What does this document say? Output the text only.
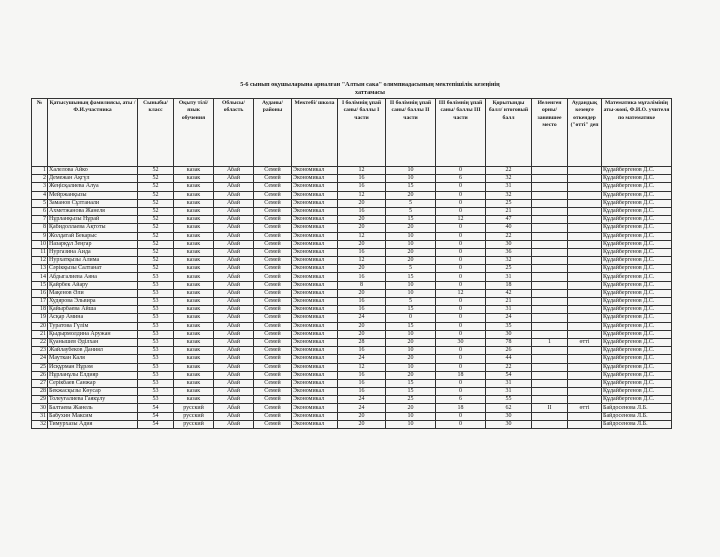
5-6 сынып оқушыларына арналған "Алтын сака" олимпиадасының мектепішілік кезеңінің
хаттамасы
№	Қатысушының фамилиясы, аты /Ф.И.участника	Сыныбы/класс	Оқыту тілі/ язык обучения	Облысы/ область	Ауданы/ районы	Мектебі/ школа	I бөлімнің ұпай саны/ баллы I части	II бөлімнің ұпай саны/ баллы II части	III бөлімнің ұпай саны/ баллы III части	Қорытынды балл/ итоговый балл	Иеленген орны/ занявшее место	Аудандық кезеңге өткендер ("өтті" деп	Математика мұғалімінің аты-жөні, Ф.И.О. учителя по математике
1	Халелова Айко	52	казак	Абай	Семей	Экономикал	12	10	0	22			Құдайбергенов Д.С.
2	Демежан Ақгүл	52	казак	Абай	Семей	Экономикал	16	10	6	32			Құдайбергенов Д.С.
3	Жеңісқалиева Алуа	52	казак	Абай	Семей	Экономикал	16	15	0	31			Құдайбергенов Д.С.
4	Мейржанқызы	52	казак	Абай	Семей	Экономикал	12	20	0	32			Құдайбергенов Д.С.
5	Заманов Сұлтанали	52	казак	Абай	Семей	Экономикал	20	5	0	25			Құдайбергенов Д.С.
6	Ахметжанова Жанеля	52	казак	Абай	Семей	Экономикал	16	5	0	21			Құдайбергенов Д.С.
7	Нұрланқызы Нұрай	52	казак	Абай	Семей	Экономикал	20	15	12	47			Құдайбергенов Д.С.
8	Қабидоллаева Ақтоты	52	казак	Абай	Семей	Экономикал	20	20	0	40			Құдайбергенов Д.С.
9	Жолдатай Бекарыс	52	казак	Абай	Семей	Экономикал	12	10	0	22			Құдайбергенов Д.С.
10	Назарқұл Зеңгар	52	казак	Абай	Семей	Экономикал	20	10	0	30			Құдайбергенов Д.С.
11	Нургазина Аида	52	казак	Абай	Семей	Экономикал	16	20	0	36			Құдайбергенов Д.С.
12	Нурхатқызы Алима	52	казак	Абай	Семей	Экономикал	12	20	0	32			Құдайбергенов Д.С.
13	Сәрікқызы Салтанат	52	казак	Абай	Семей	Экономикал	20	5	0	25			Құдайбергенов Д.С.
14	Абдыгалиева Аяна	53	казак	Абай	Семей	Экономикал	16	15	0	31			Құдайбергенов Д.С.
15	Қайрбек Айару	53	казак	Абай	Семей	Экономикал	8	10	0	18			Құдайбергенов Д.С.
16	Мақенов Әли	53	казак	Абай	Семей	Экономикал	20	10	12	42			Құдайбергенов Д.С.
17	Худярова Эльвира	53	казак	Абай	Семей	Экономикал	16	5	0	21			Құдайбергенов Д.С.
18	Қайырбаева Айша	53	казак	Абай	Семей	Экономикал	16	15	0	31			Құдайбергенов Д.С.
19	Асқар Амина	53	казак	Абай	Семей	Экономикал	24	0	0	24			Құдайбергенов Д.С.
20	Туратова Гүлім	53	казак	Абай	Семей	Экономикал	20	15	0	35			Құдайбергенов Д.С.
21	Қыдырмолдина Аружан	53	казак	Абай	Семей	Экономикал	20	10	0	30			Құдайбергенов Д.С.
22	Қуанышев Әділхан	53	казак	Абай	Семей	Экономикал	28	20	30	78	1	өтті	Құдайбергенов Д.С.
23	Жайлаубеков Даниял	53	казак	Абай	Семей	Экономикал	16	10	0	26			Құдайбергенов Д.С.
24	Мауткан Каля	53	казак	Абай	Семей	Экономикал	24	20	0	44			Құдайбергенов Д.С.
25	Исқұрман Нұрәм	53	казак	Абай	Семей	Экономикал	12	10	0	22			Құдайбергенов Д.С.
26	Нұрланұлы Елдияр	53	казак	Абай	Семей	Экономикал	16	20	18	54			Құдайбергенов Д.С.
27	Серікбаев Санжар	53	казак	Абай	Семей	Экономикал	16	15	0	31			Құдайбергенов Д.С.
28	Бекжасқызы Көусар	53	казак	Абай	Семей	Экономикал	16	15	0	31			Құдайбергенов Д.С.
29	Толеуғалиева Гаякұлу	53	казак	Абай	Семей	Экономикал	24	25	6	55			Құдайбергенов Д.С.
30	Балтаева Жанель	54	русский	Абай	Семей	Экономикал	24	20	18	62	II	өтті	Байдосенова Л.Б.
31	Бабухин Максим	54	русский	Абай	Семей	Экономикал	20	10	0	30			Байдосенова Л.Б.
32	Тимурхазы Адия	54	русский	Абай	Семей	Экономикал	20	10	0	30			Байдосенова Л.Б.
